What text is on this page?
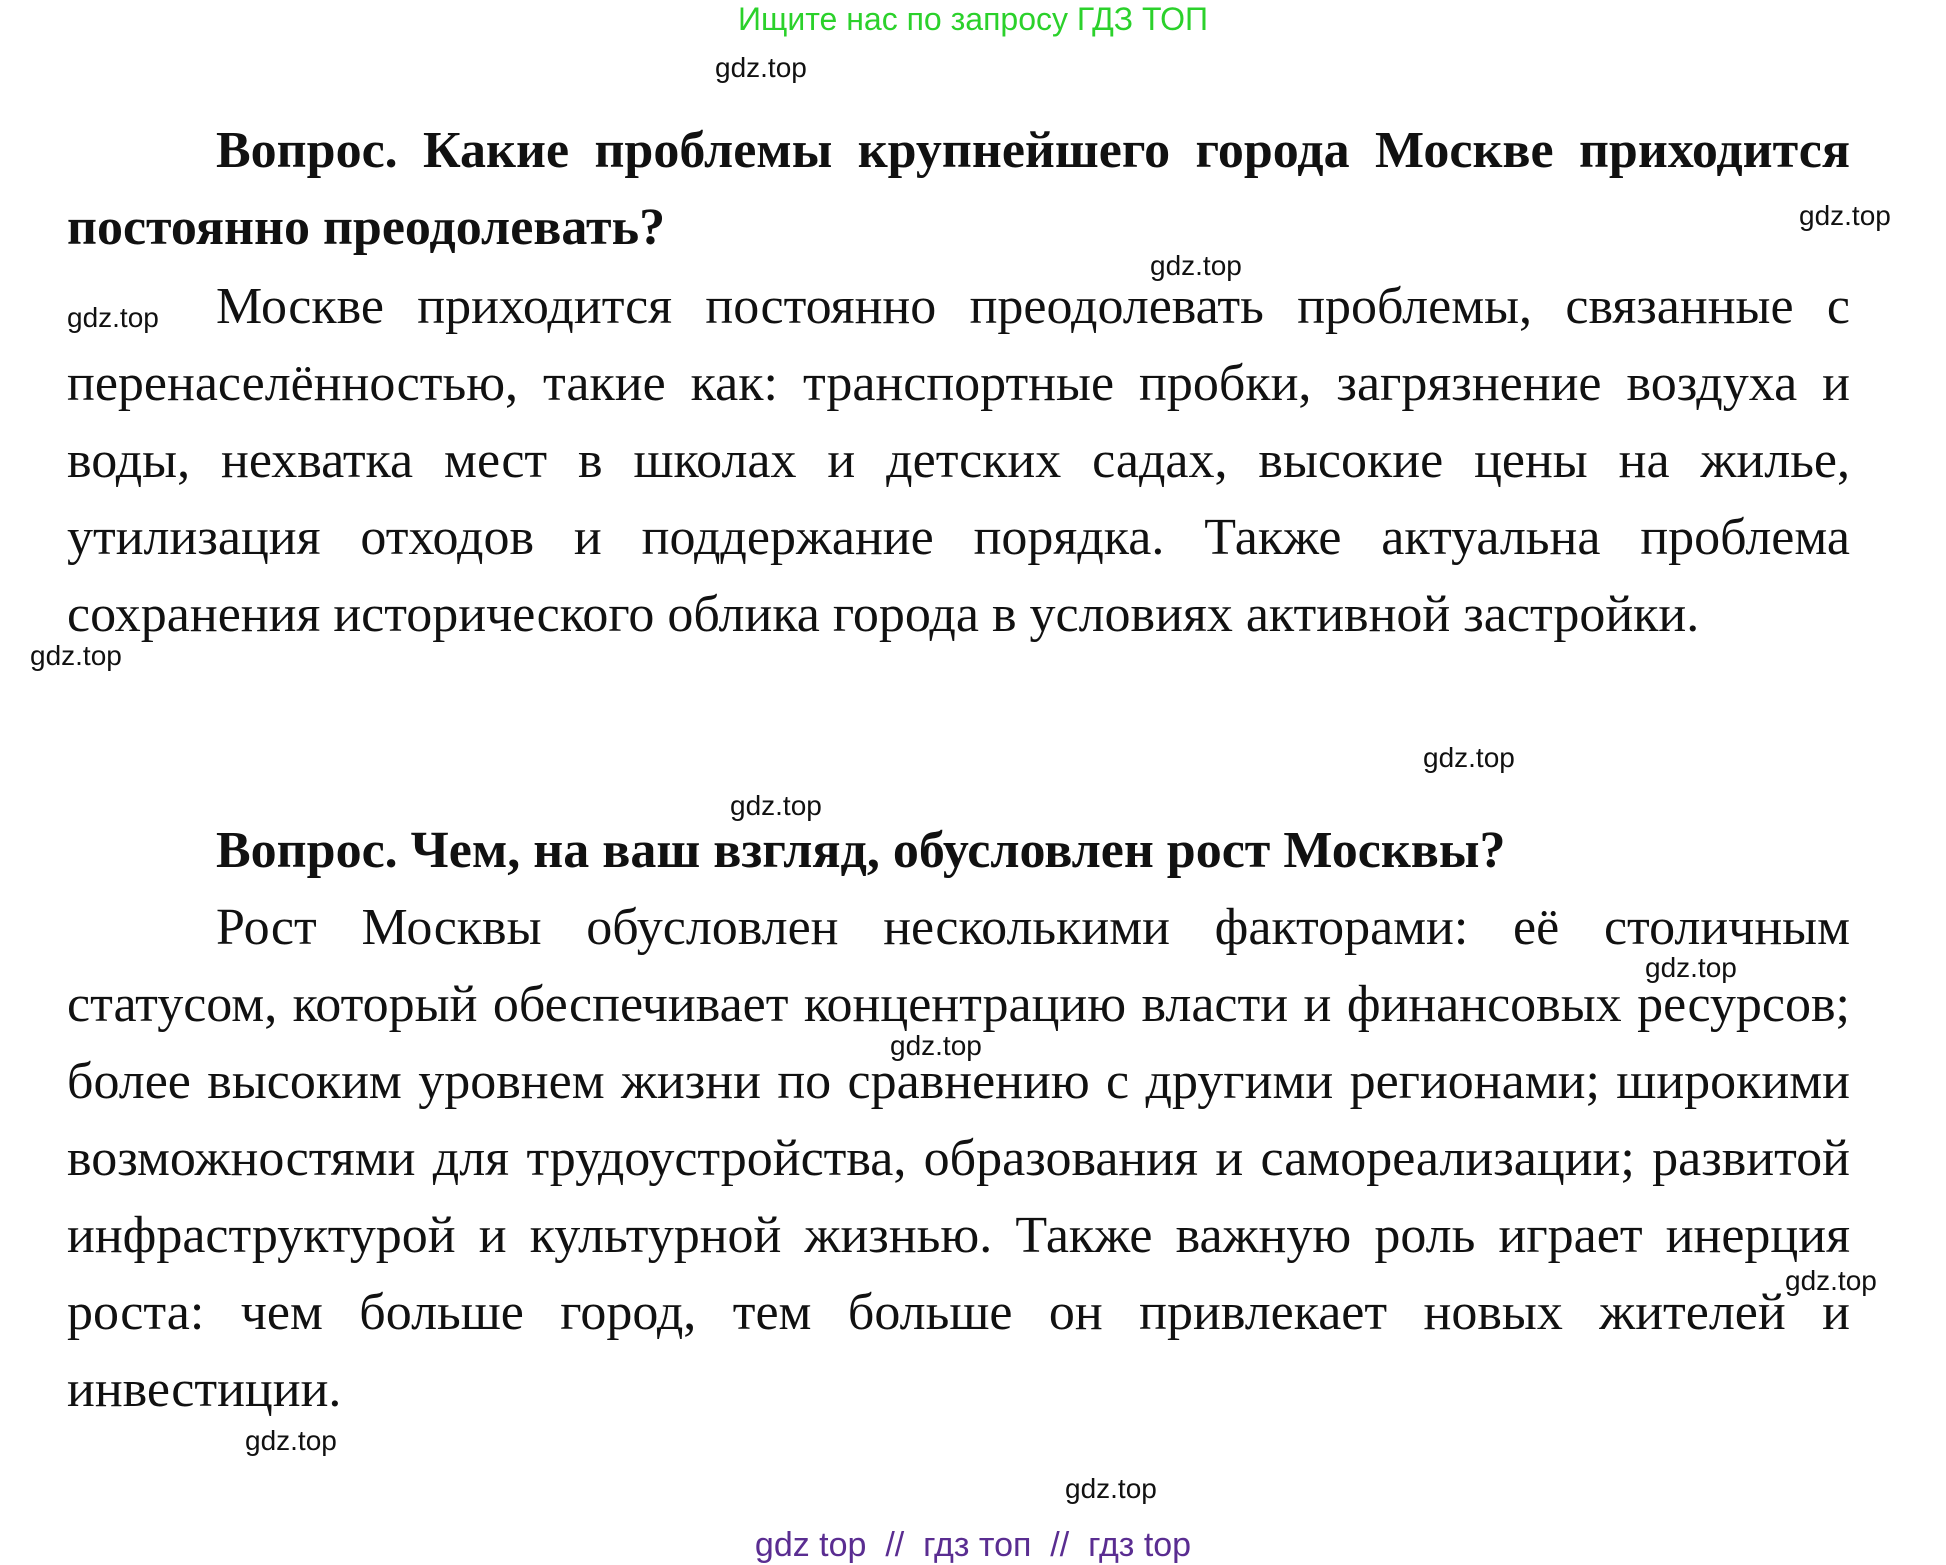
Ищите нас по запросу ГДЗ ТОП
gdz.top
gdz.top
gdz.top
gdz.top
gdz.top
gdz.top
gdz.top
gdz.top
gdz.top
gdz.top
gdz.top
gdz.top
Вопрос. Какие проблемы крупнейшего города Москве приходится постоянно преодолевать?
Москве приходится постоянно преодолевать проблемы, связанные с перенаселённостью, такие как: транспортные пробки, загрязнение воздуха и воды, нехватка мест в школах и детских садах, высокие цены на жилье, утилизация отходов и поддержание порядка. Также актуальна проблема сохранения исторического облика города в условиях активной застройки.
Вопрос. Чем, на ваш взгляд, обусловлен рост Москвы?
Рост Москвы обусловлен несколькими факторами: её столичным статусом, который обеспечивает концентрацию власти и финансовых ресурсов; более высоким уровнем жизни по сравнению с другими регионами; широкими возможностями для трудоустройства, образования и самореализации; развитой инфраструктурой и культурной жизнью. Также важную роль играет инерция роста: чем больше город, тем больше он привлекает новых жителей и инвестиции.
gdz top  //  гдз топ  //  гдз top
